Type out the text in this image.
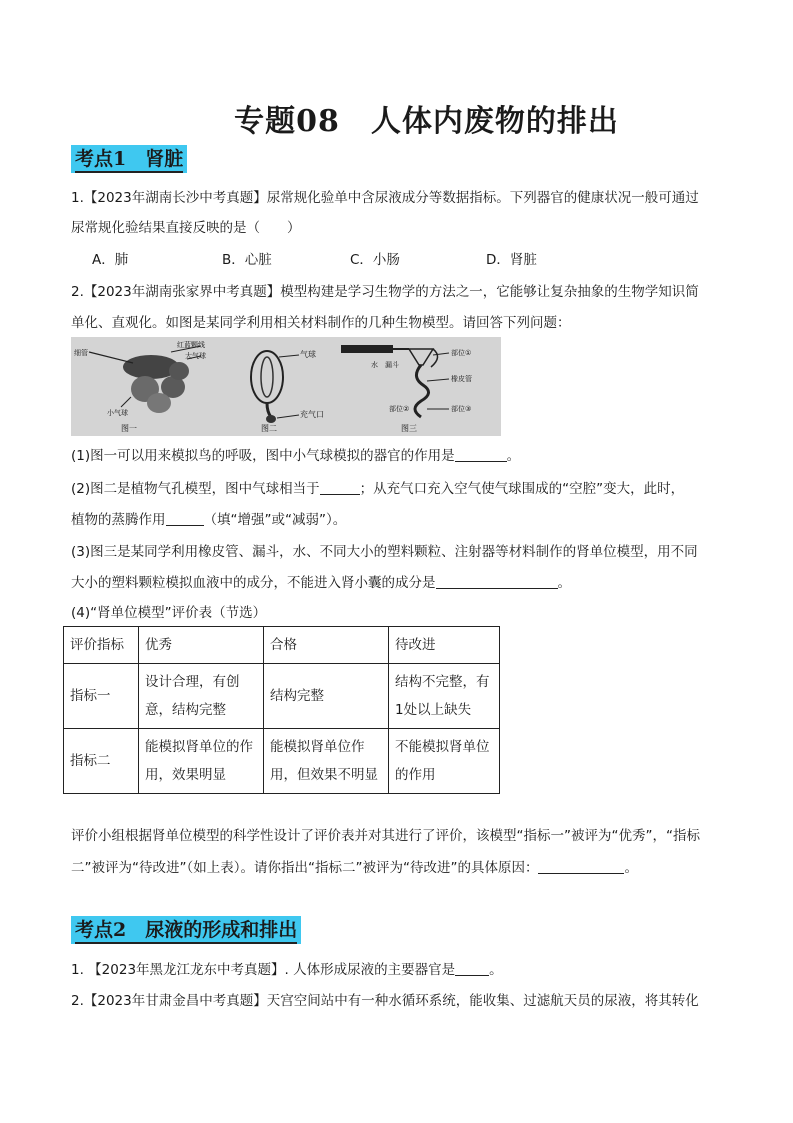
专题08　人体内废物的排出
考点1　肾脏
1.【2023年湖南长沙中考真题】尿常规化验单中含尿液成分等数据指标。下列器官的健康状况一般可通过
尿常规化验结果直接反映的是（　　）
A．肺	B．心脏	C．小肠	D．肾脏
2.【2023年湖南张家界中考真题】模型构建是学习生物学的方法之一，它能够让复杂抽象的生物学知识简
单化、直观化。如图是某同学利用相关材料制作的几种生物模型。请回答下列问题：
细管
红蓝颗线
大气球
小气球
图一
气球
充气口
图二
水 漏斗
部位①
橡皮管
部位②	部位③
图三
(1)图一可以用来模拟鸟的呼吸，图中小气球模拟的器官的作用是	。
(2)图二是植物气孔模型，图中气球相当于	；从充气口充入空气使气球围成的“空腔”变大，此时，
植物的蒸腾作用	（填“增强”或“减弱”）。
(3)图三是某同学利用橡皮管、漏斗，水、不同大小的塑料颗粒、注射器等材料制作的肾单位模型，用不同
大小的塑料颗粒模拟血液中的成分，不能进入肾小囊的成分是	。
(4)“肾单位模型”评价表（节选）
评价指标	优秀	合格	待改进
指标一	设计合理，有创意，结构完整	结构完整	结构不完整，有1处以上缺失
指标二	能模拟肾单位的作用，效果明显	能模拟肾单位作用，但效果不明显	不能模拟肾单位的作用
评价小组根据肾单位模型的科学性设计了评价表并对其进行了评价，该模型“指标一”被评为“优秀”，“指标
二”被评为“待改进”（如上表）。请你指出“指标二”被评为“待改进”的具体原因：	。
考点2　尿液的形成和排出
1. 【2023年黑龙江龙东中考真题】. 人体形成尿液的主要器官是	。
2.【2023年甘肃金昌中考真题】天宫空间站中有一种水循环系统，能收集、过滤航天员的尿液，将其转化
